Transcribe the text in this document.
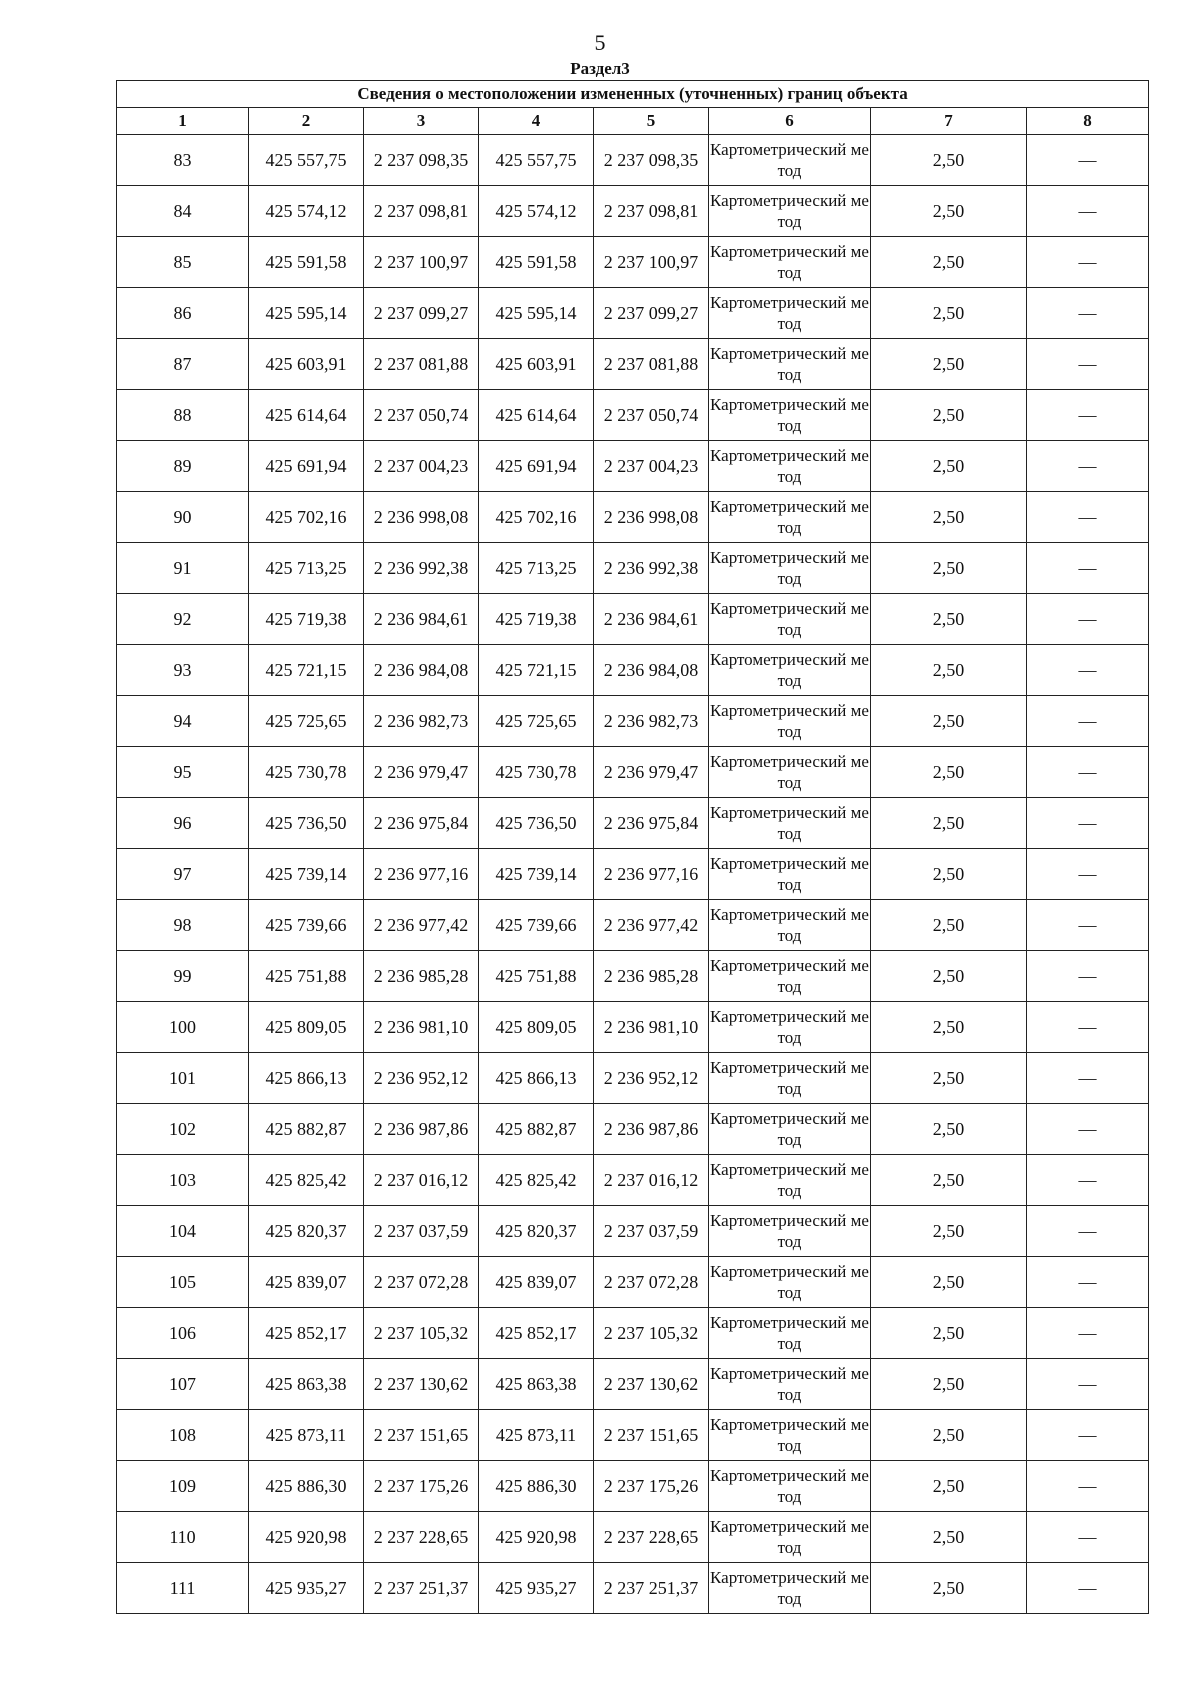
5
Раздел3
Сведения о местоположении измененных (уточненных) границ объекта							
1	2	3	4	5	6	7	8
83	425 557,75	2 237 098,35	425 557,75	2 237 098,35	Картометрический метод	2,50	—
84	425 574,12	2 237 098,81	425 574,12	2 237 098,81	Картометрический метод	2,50	—
85	425 591,58	2 237 100,97	425 591,58	2 237 100,97	Картометрический метод	2,50	—
86	425 595,14	2 237 099,27	425 595,14	2 237 099,27	Картометрический метод	2,50	—
87	425 603,91	2 237 081,88	425 603,91	2 237 081,88	Картометрический метод	2,50	—
88	425 614,64	2 237 050,74	425 614,64	2 237 050,74	Картометрический метод	2,50	—
89	425 691,94	2 237 004,23	425 691,94	2 237 004,23	Картометрический метод	2,50	—
90	425 702,16	2 236 998,08	425 702,16	2 236 998,08	Картометрический метод	2,50	—
91	425 713,25	2 236 992,38	425 713,25	2 236 992,38	Картометрический метод	2,50	—
92	425 719,38	2 236 984,61	425 719,38	2 236 984,61	Картометрический метод	2,50	—
93	425 721,15	2 236 984,08	425 721,15	2 236 984,08	Картометрический метод	2,50	—
94	425 725,65	2 236 982,73	425 725,65	2 236 982,73	Картометрический метод	2,50	—
95	425 730,78	2 236 979,47	425 730,78	2 236 979,47	Картометрический метод	2,50	—
96	425 736,50	2 236 975,84	425 736,50	2 236 975,84	Картометрический метод	2,50	—
97	425 739,14	2 236 977,16	425 739,14	2 236 977,16	Картометрический метод	2,50	—
98	425 739,66	2 236 977,42	425 739,66	2 236 977,42	Картометрический метод	2,50	—
99	425 751,88	2 236 985,28	425 751,88	2 236 985,28	Картометрический метод	2,50	—
100	425 809,05	2 236 981,10	425 809,05	2 236 981,10	Картометрический метод	2,50	—
101	425 866,13	2 236 952,12	425 866,13	2 236 952,12	Картометрический метод	2,50	—
102	425 882,87	2 236 987,86	425 882,87	2 236 987,86	Картометрический метод	2,50	—
103	425 825,42	2 237 016,12	425 825,42	2 237 016,12	Картометрический метод	2,50	—
104	425 820,37	2 237 037,59	425 820,37	2 237 037,59	Картометрический метод	2,50	—
105	425 839,07	2 237 072,28	425 839,07	2 237 072,28	Картометрический метод	2,50	—
106	425 852,17	2 237 105,32	425 852,17	2 237 105,32	Картометрический метод	2,50	—
107	425 863,38	2 237 130,62	425 863,38	2 237 130,62	Картометрический метод	2,50	—
108	425 873,11	2 237 151,65	425 873,11	2 237 151,65	Картометрический метод	2,50	—
109	425 886,30	2 237 175,26	425 886,30	2 237 175,26	Картометрический метод	2,50	—
110	425 920,98	2 237 228,65	425 920,98	2 237 228,65	Картометрический метод	2,50	—
111	425 935,27	2 237 251,37	425 935,27	2 237 251,37	Картометрический метод	2,50	—
